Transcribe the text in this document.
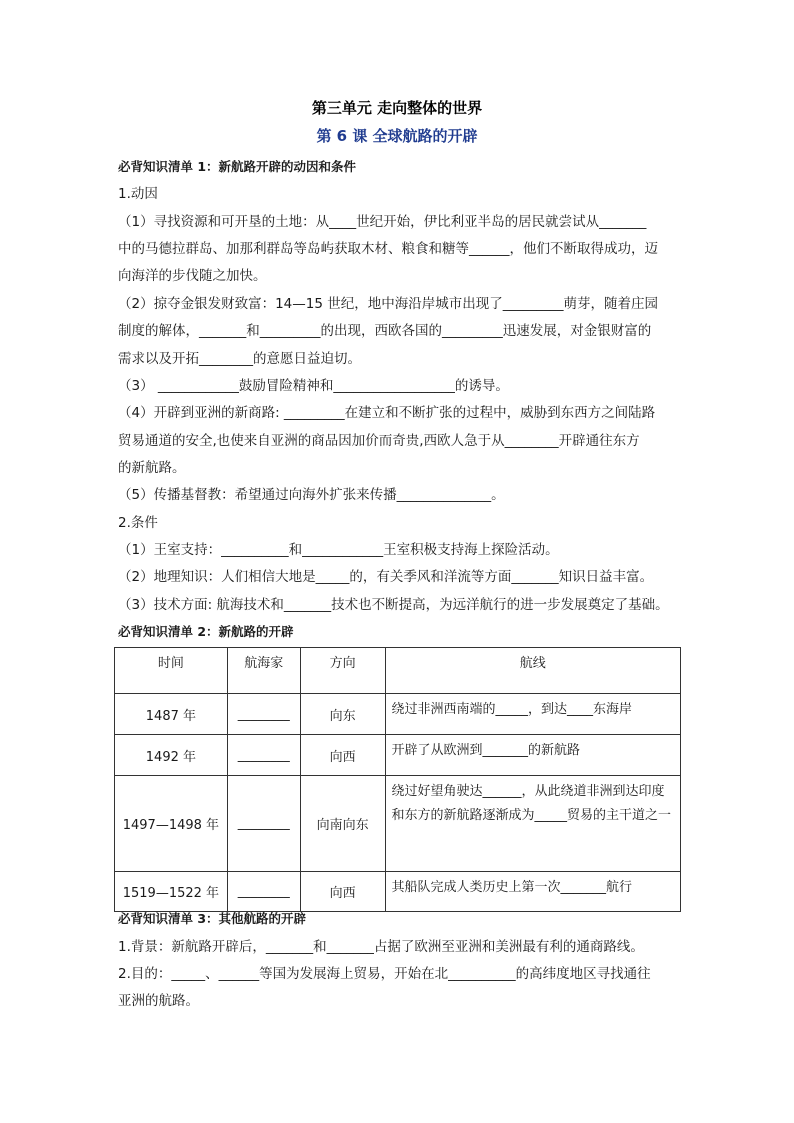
第三单元 走向整体的世界
第 6 课 全球航路的开辟
必背知识清单 1：新航路开辟的动因和条件
1.动因
（1）寻找资源和可开垦的土地：从____世纪开始，伊比利亚半岛的居民就尝试从_______
中的马德拉群岛、加那利群岛等岛屿获取木材、粮食和糖等______，他们不断取得成功，迈
向海洋的步伐随之加快。
（2）掠夺金银发财致富：14—15 世纪，地中海沿岸城市出现了_________萌芽，随着庄园
制度的解体，_______和_________的出现，西欧各国的_________迅速发展，对金银财富的
需求以及开拓________的意愿日益迫切。
（3） ____________鼓励冒险精神和__________________的诱导。
（4）开辟到亚洲的新商路: _________在建立和不断扩张的过程中，威胁到东西方之间陆路
贸易通道的安全,也使来自亚洲的商品因加价而奇贵,西欧人急于从________开辟通往东方
的新航路。
（5）传播基督教：希望通过向海外扩张来传播______________。
2.条件
（1）王室支持：__________和____________王室积极支持海上探险活动。
（2）地理知识：人们相信大地是_____的，有关季风和洋流等方面_______知识日益丰富。
（3）技术方面: 航海技术和_______技术也不断提高，为远洋航行的进一步发展奠定了基础。
必背知识清单 2：新航路的开辟
时间	航海家	方向	航线
1487 年	________	向东	绕过非洲西南端的_____，到达____东海岸
1492 年	________	向西	开辟了从欧洲到_______的新航路
1497—1498 年	________	向南向东	绕过好望角驶达______，从此绕道非洲到达印度和东方的新航路逐渐成为_____贸易的主干道之一
1519—1522 年	________	向西	其船队完成人类历史上第一次_______航行
必背知识清单 3：其他航路的开辟
1.背景：新航路开辟后，_______和_______占据了欧洲至亚洲和美洲最有利的通商路线。
2.目的：_____、______等国为发展海上贸易，开始在北__________的高纬度地区寻找通往
亚洲的航路。
